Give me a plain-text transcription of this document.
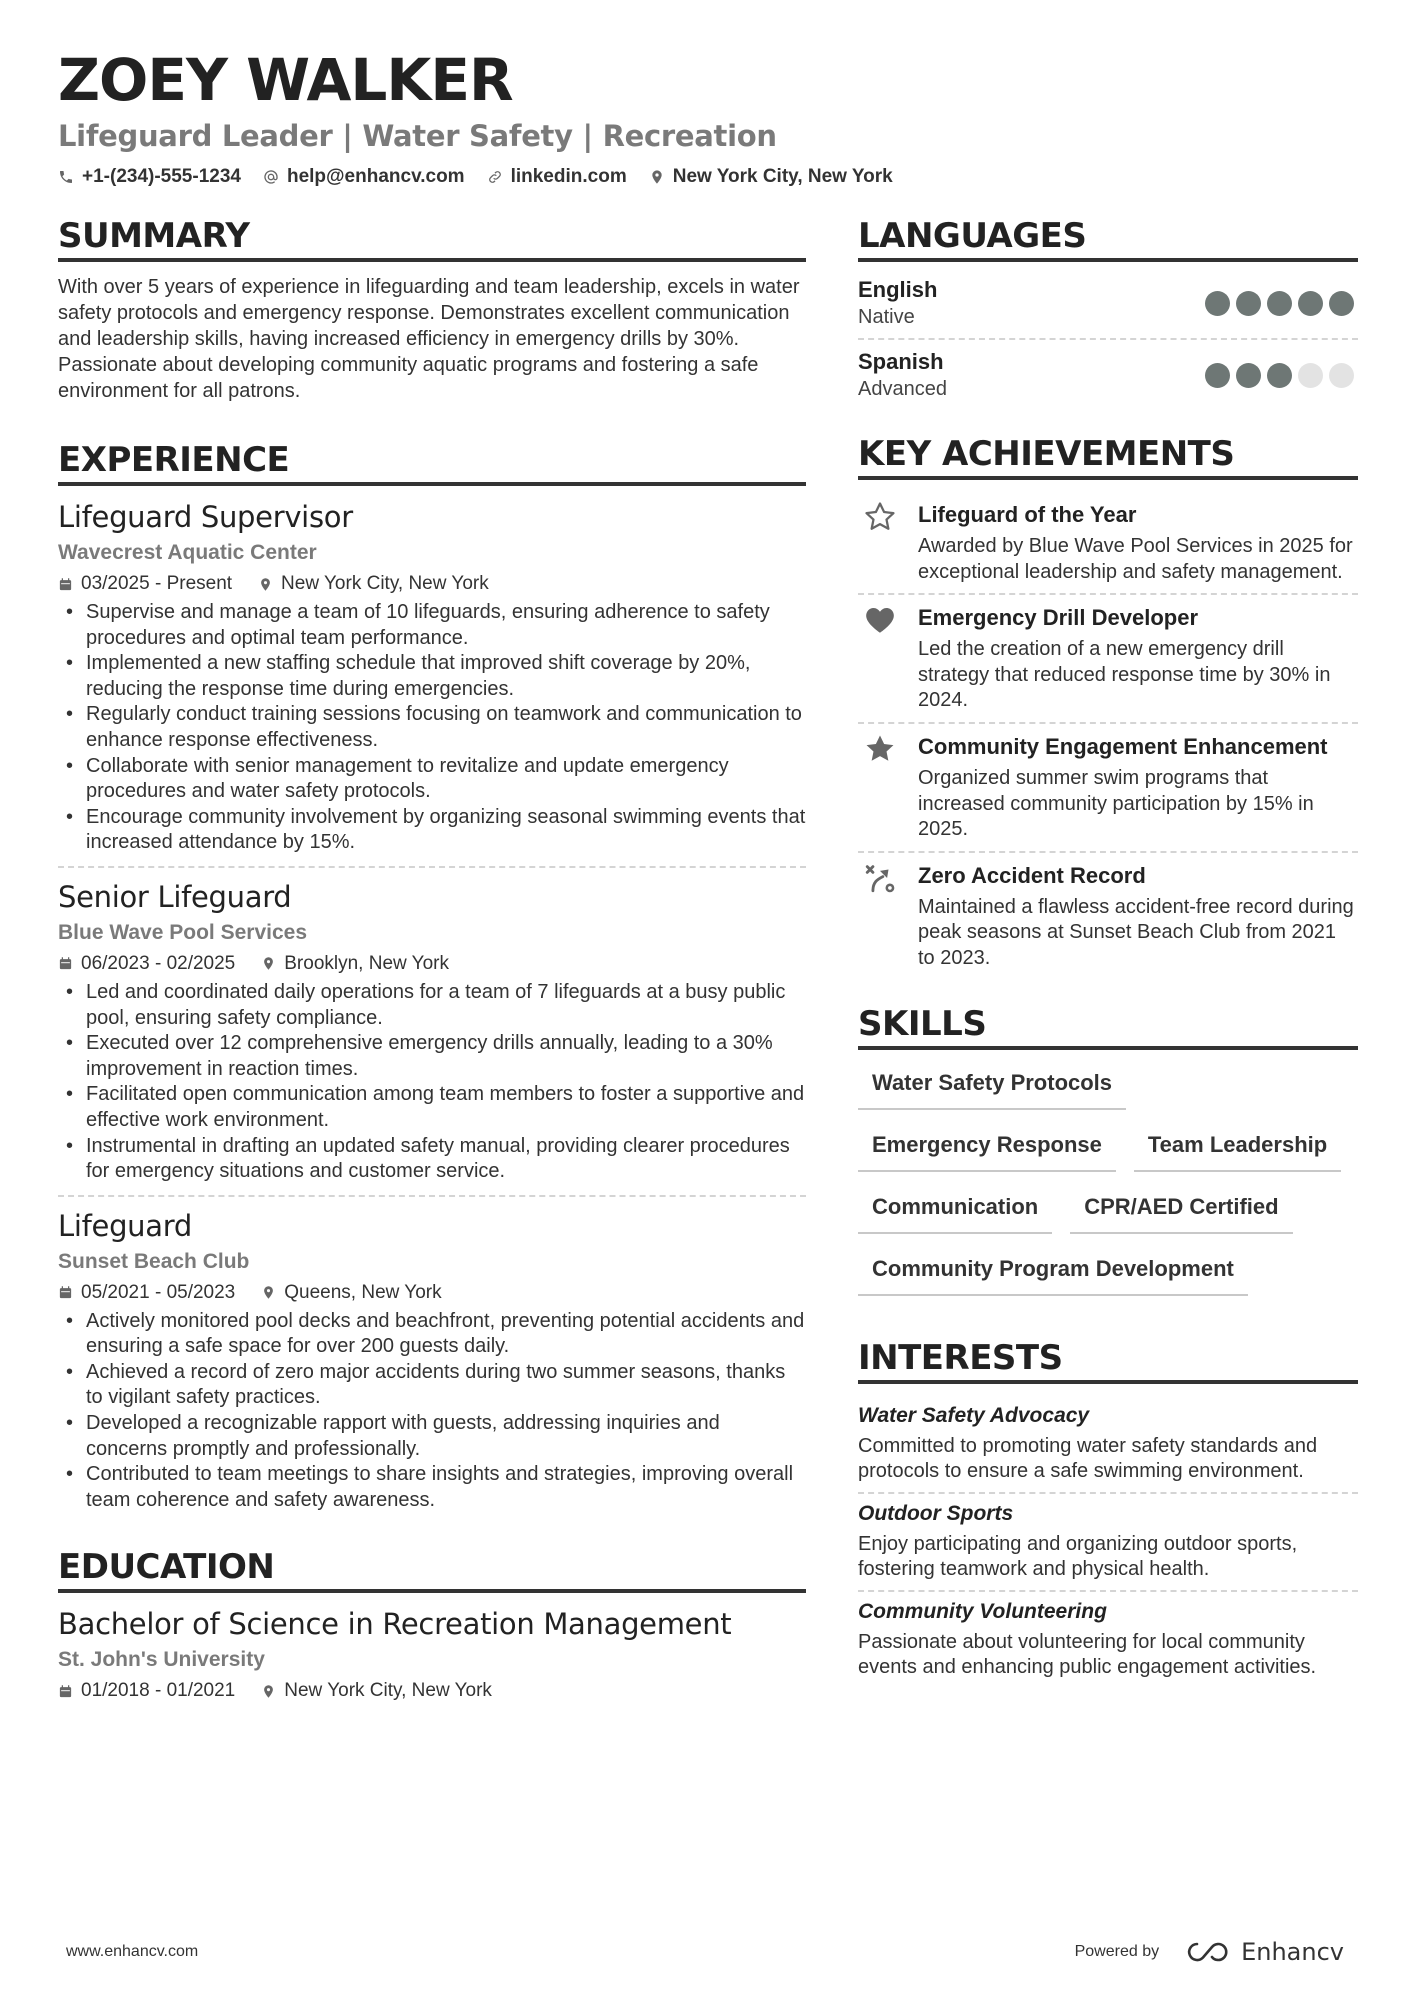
ZOEY WALKER
Lifeguard Leader | Water Safety | Recreation
+1-(234)-555-1234 help@enhancv.com linkedin.com New York City, New York
SUMMARY
With over 5 years of experience in lifeguarding and team leadership, excels in water safety protocols and emergency response. Demonstrates excellent communication and leadership skills, having increased efficiency in emergency drills by 30%. Passionate about developing community aquatic programs and fostering a safe environment for all patrons.
EXPERIENCE
Lifeguard Supervisor
Wavecrest Aquatic Center
03/2025 - Present	New York City, New York
• Supervise and manage a team of 10 lifeguards, ensuring adherence to safety procedures and optimal team performance.
• Implemented a new staffing schedule that improved shift coverage by 20%, reducing the response time during emergencies.
• Regularly conduct training sessions focusing on teamwork and communication to enhance response effectiveness.
• Collaborate with senior management to revitalize and update emergency procedures and water safety protocols.
• Encourage community involvement by organizing seasonal swimming events that increased attendance by 15%.
Senior Lifeguard
Blue Wave Pool Services
06/2023 - 02/2025	Brooklyn, New York
• Led and coordinated daily operations for a team of 7 lifeguards at a busy public pool, ensuring safety compliance.
• Executed over 12 comprehensive emergency drills annually, leading to a 30% improvement in reaction times.
• Facilitated open communication among team members to foster a supportive and effective work environment.
• Instrumental in drafting an updated safety manual, providing clearer procedures for emergency situations and customer service.
Lifeguard
Sunset Beach Club
05/2021 - 05/2023	Queens, New York
• Actively monitored pool decks and beachfront, preventing potential accidents and ensuring a safe space for over 200 guests daily.
• Achieved a record of zero major accidents during two summer seasons, thanks to vigilant safety practices.
• Developed a recognizable rapport with guests, addressing inquiries and concerns promptly and professionally.
• Contributed to team meetings to share insights and strategies, improving overall team coherence and safety awareness.
EDUCATION
Bachelor of Science in Recreation Management
St. John's University
01/2018 - 01/2021	New York City, New York
LANGUAGES
English
Native
Spanish
Advanced
KEY ACHIEVEMENTS
Lifeguard of the Year
Awarded by Blue Wave Pool Services in 2025 for exceptional leadership and safety management.
Emergency Drill Developer
Led the creation of a new emergency drill strategy that reduced response time by 30% in 2024.
Community Engagement Enhancement
Organized summer swim programs that increased community participation by 15% in 2025.
Zero Accident Record
Maintained a flawless accident-free record during peak seasons at Sunset Beach Club from 2021 to 2023.
SKILLS
Water Safety Protocols
Emergency Response	Team Leadership
Communication	CPR/AED Certified
Community Program Development
INTERESTS
Water Safety Advocacy
Committed to promoting water safety standards and protocols to ensure a safe swimming environment.
Outdoor Sports
Enjoy participating and organizing outdoor sports, fostering teamwork and physical health.
Community Volunteering
Passionate about volunteering for local community events and enhancing public engagement activities.
www.enhancv.com	Powered by	Enhancv
